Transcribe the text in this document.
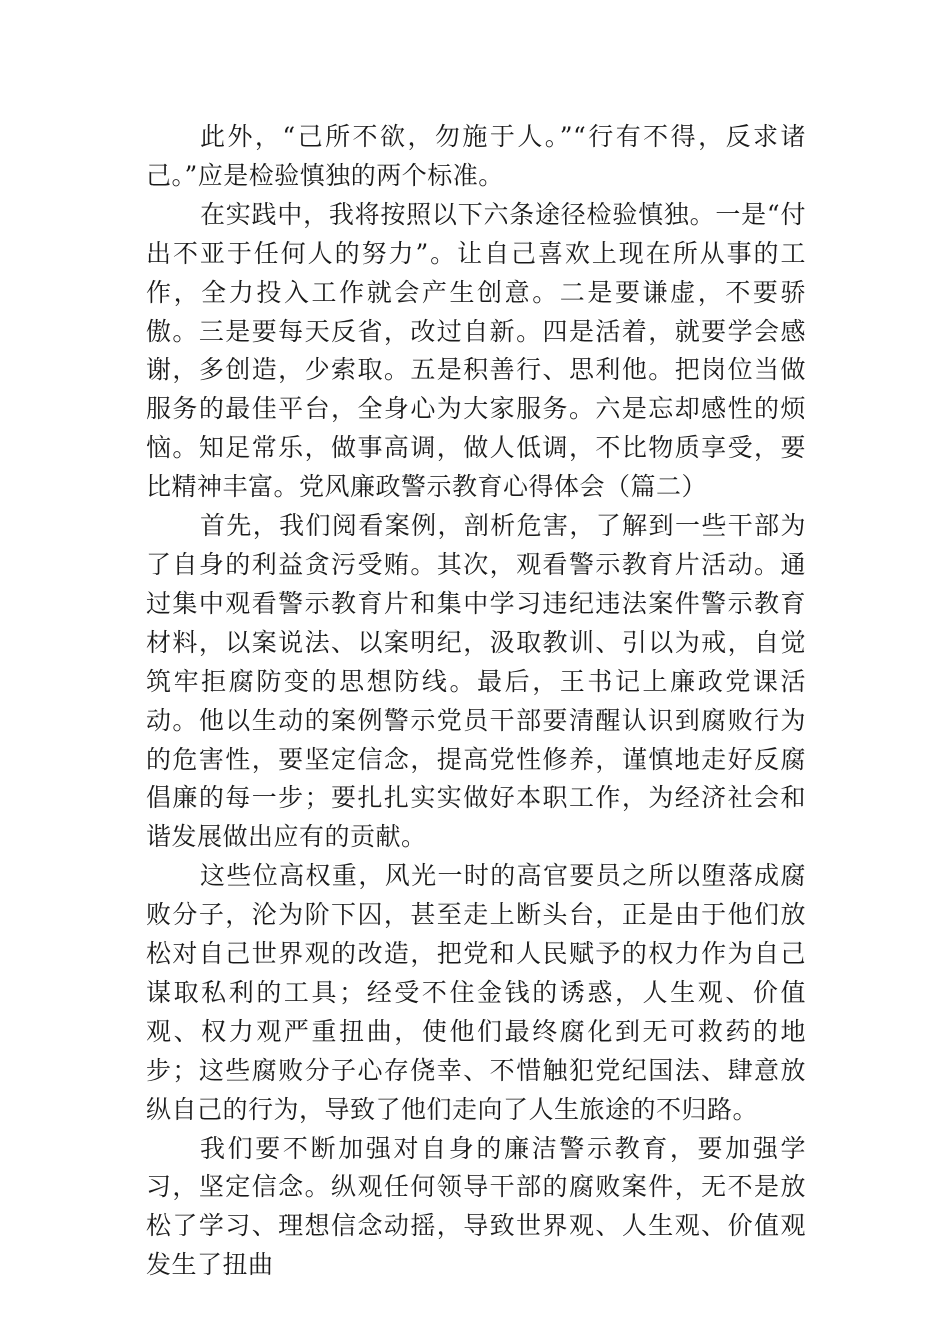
此外，“己所不欲，勿施于人。”“行有不得，反求诸己。”应是检验慎独的两个标准。

在实践中，我将按照以下六条途径检验慎独。一是“付出不亚于任何人的努力”。让自己喜欢上现在所从事的工作，全力投入工作就会产生创意。二是要谦虚，不要骄傲。三是要每天反省，改过自新。四是活着，就要学会感谢，多创造，少索取。五是积善行、思利他。把岗位当做服务的最佳平台，全身心为大家服务。六是忘却感性的烦恼。知足常乐，做事高调，做人低调，不比物质享受，要比精神丰富。党风廉政警示教育心得体会（篇二）

首先，我们阅看案例，剖析危害，了解到一些干部为了自身的利益贪污受贿。其次，观看警示教育片活动。通过集中观看警示教育片和集中学习违纪违法案件警示教育材料，以案说法、以案明纪，汲取教训、引以为戒，自觉筑牢拒腐防变的思想防线。最后，王书记上廉政党课活动。他以生动的案例警示党员干部要清醒认识到腐败行为的危害性，要坚定信念，提高党性修养，谨慎地走好反腐倡廉的每一步；要扎扎实实做好本职工作，为经济社会和谐发展做出应有的贡献。

这些位高权重，风光一时的高官要员之所以堕落成腐败分子，沦为阶下囚，甚至走上断头台，正是由于他们放松对自己世界观的改造，把党和人民赋予的权力作为自己谋取私利的工具；经受不住金钱的诱惑，人生观、价值观、权力观严重扭曲，使他们最终腐化到无可救药的地步；这些腐败分子心存侥幸、不惜触犯党纪国法、肆意放纵自己的行为，导致了他们走向了人生旅途的不归路。

我们要不断加强对自身的廉洁警示教育，要加强学习，坚定信念。纵观任何领导干部的腐败案件，无不是放松了学习、理想信念动摇，导致世界观、人生观、价值观发生了扭曲
